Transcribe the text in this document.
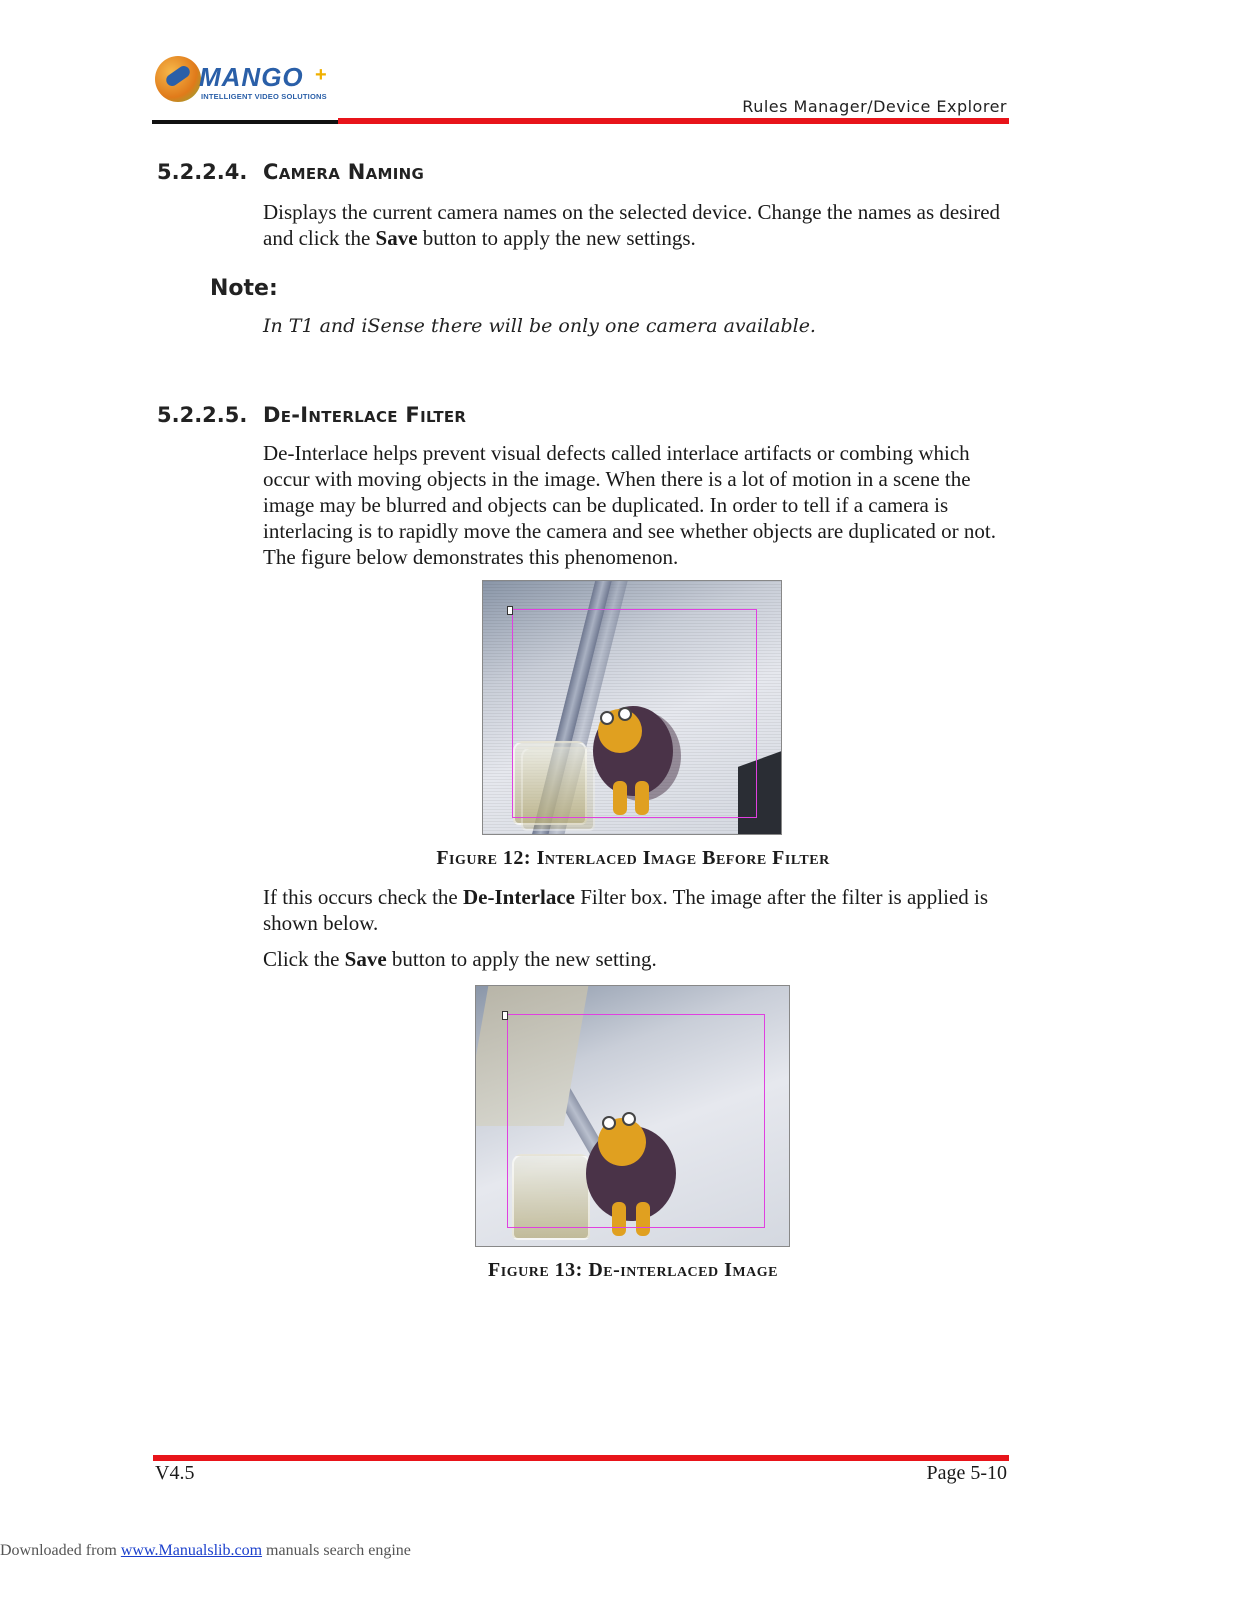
MANGO +
INTELLIGENT VIDEO SOLUTIONS
Rules Manager/Device Explorer
5.2.2.4. Camera Naming
Displays the current camera names on the selected device. Change the names as desired and click the Save button to apply the new settings.
Note:
In T1 and iSense there will be only one camera available.
5.2.2.5. De-Interlace Filter
De-Interlace helps prevent visual defects called interlace artifacts or combing which occur with moving objects in the image. When there is a lot of motion in a scene the image may be blurred and objects can be duplicated. In order to tell if a camera is interlacing is to rapidly move the camera and see whether objects are duplicated or not. The figure below demonstrates this phenomenon.
Figure 12: Interlaced Image Before Filter
If this occurs check the De-Interlace Filter box. The image after the filter is applied is shown below.
Click the Save button to apply the new setting.
Figure 13: De-interlaced Image
V4.5	Page 5-10
Downloaded from www.Manualslib.com manuals search engine
